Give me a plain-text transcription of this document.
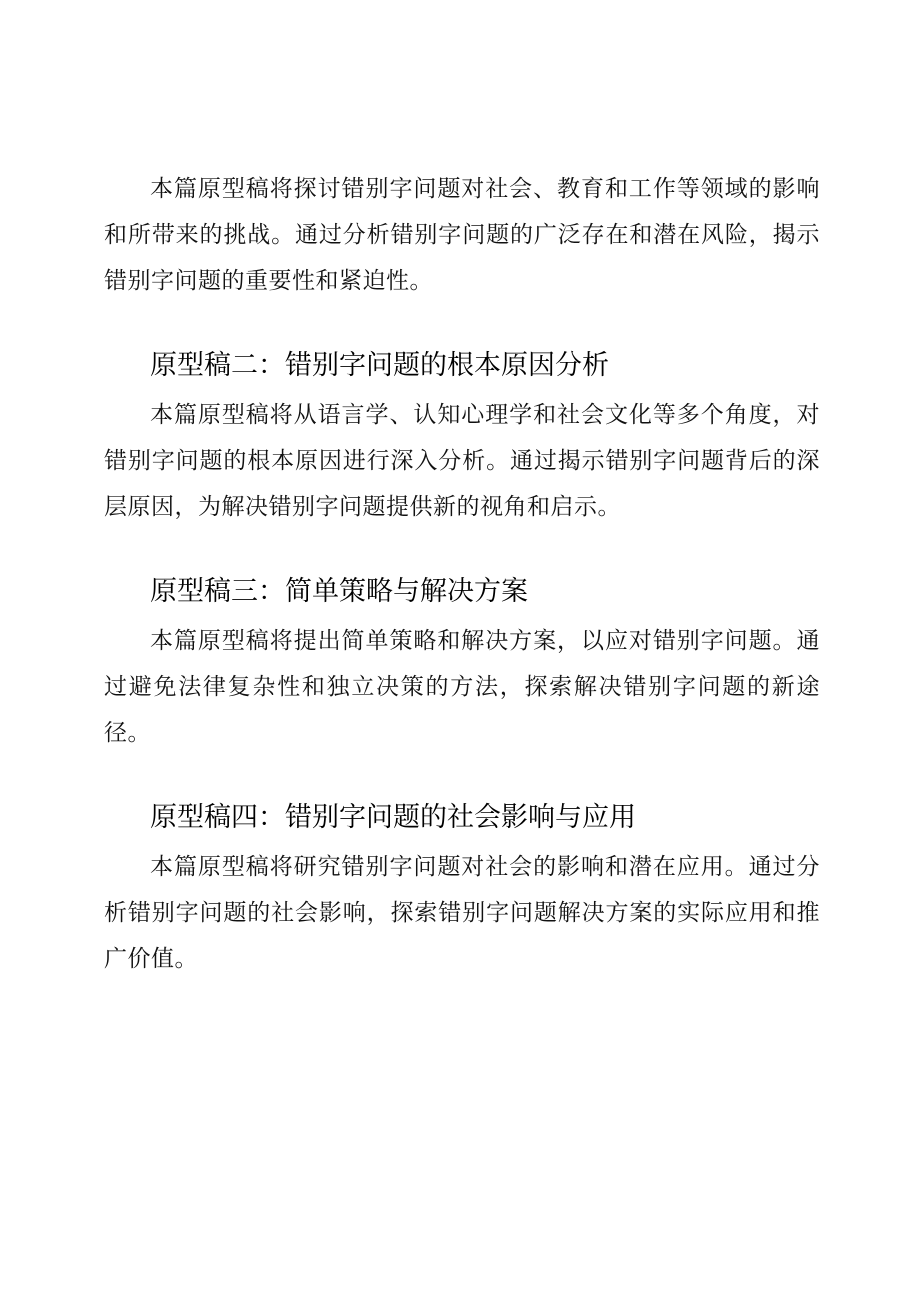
本篇原型稿将探讨错别字问题对社会、教育和工作等领域的影响和所带来的挑战。通过分析错别字问题的广泛存在和潜在风险，揭示错别字问题的重要性和紧迫性。

原型稿二：错别字问题的根本原因分析

本篇原型稿将从语言学、认知心理学和社会文化等多个角度，对错别字问题的根本原因进行深入分析。通过揭示错别字问题背后的深层原因，为解决错别字问题提供新的视角和启示。

原型稿三：简单策略与解决方案

本篇原型稿将提出简单策略和解决方案，以应对错别字问题。通过避免法律复杂性和独立决策的方法，探索解决错别字问题的新途径。

原型稿四：错别字问题的社会影响与应用

本篇原型稿将研究错别字问题对社会的影响和潜在应用。通过分析错别字问题的社会影响，探索错别字问题解决方案的实际应用和推广价值。
